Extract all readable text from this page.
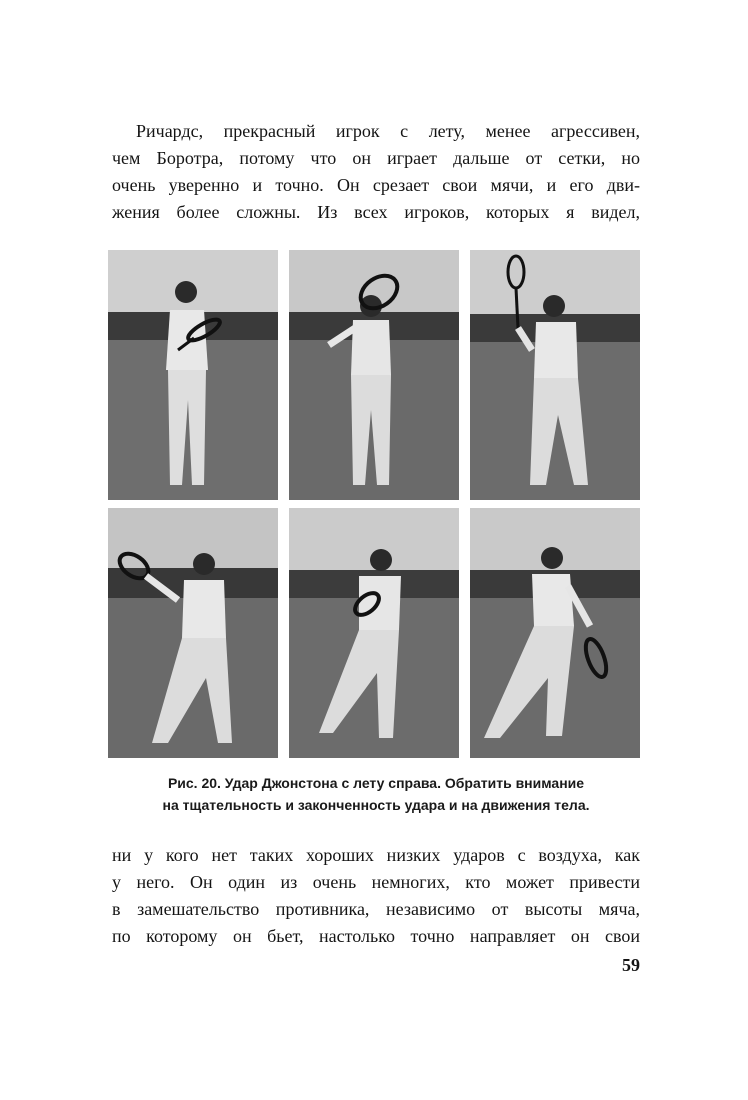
Ричардс, прекрасный игрок с лету, менее агрессивен,
чем Боротра, потому что он играет дальше от сетки, но
очень уверенно и точно. Он срезает свои мячи, и его дви-
жения более сложны. Из всех игроков, которых я видел,
Рис. 20. Удар Джонстона с лету справа. Обратить внимание
на тщательность и законченность удара и на движения тела.
ни у кого нет таких хороших низких ударов с воздуха, как
у него. Он один из очень немногих, кто может привести
в замешательство противника, независимо от высоты мяча,
по которому он бьет, настолько точно направляет он свои
59
